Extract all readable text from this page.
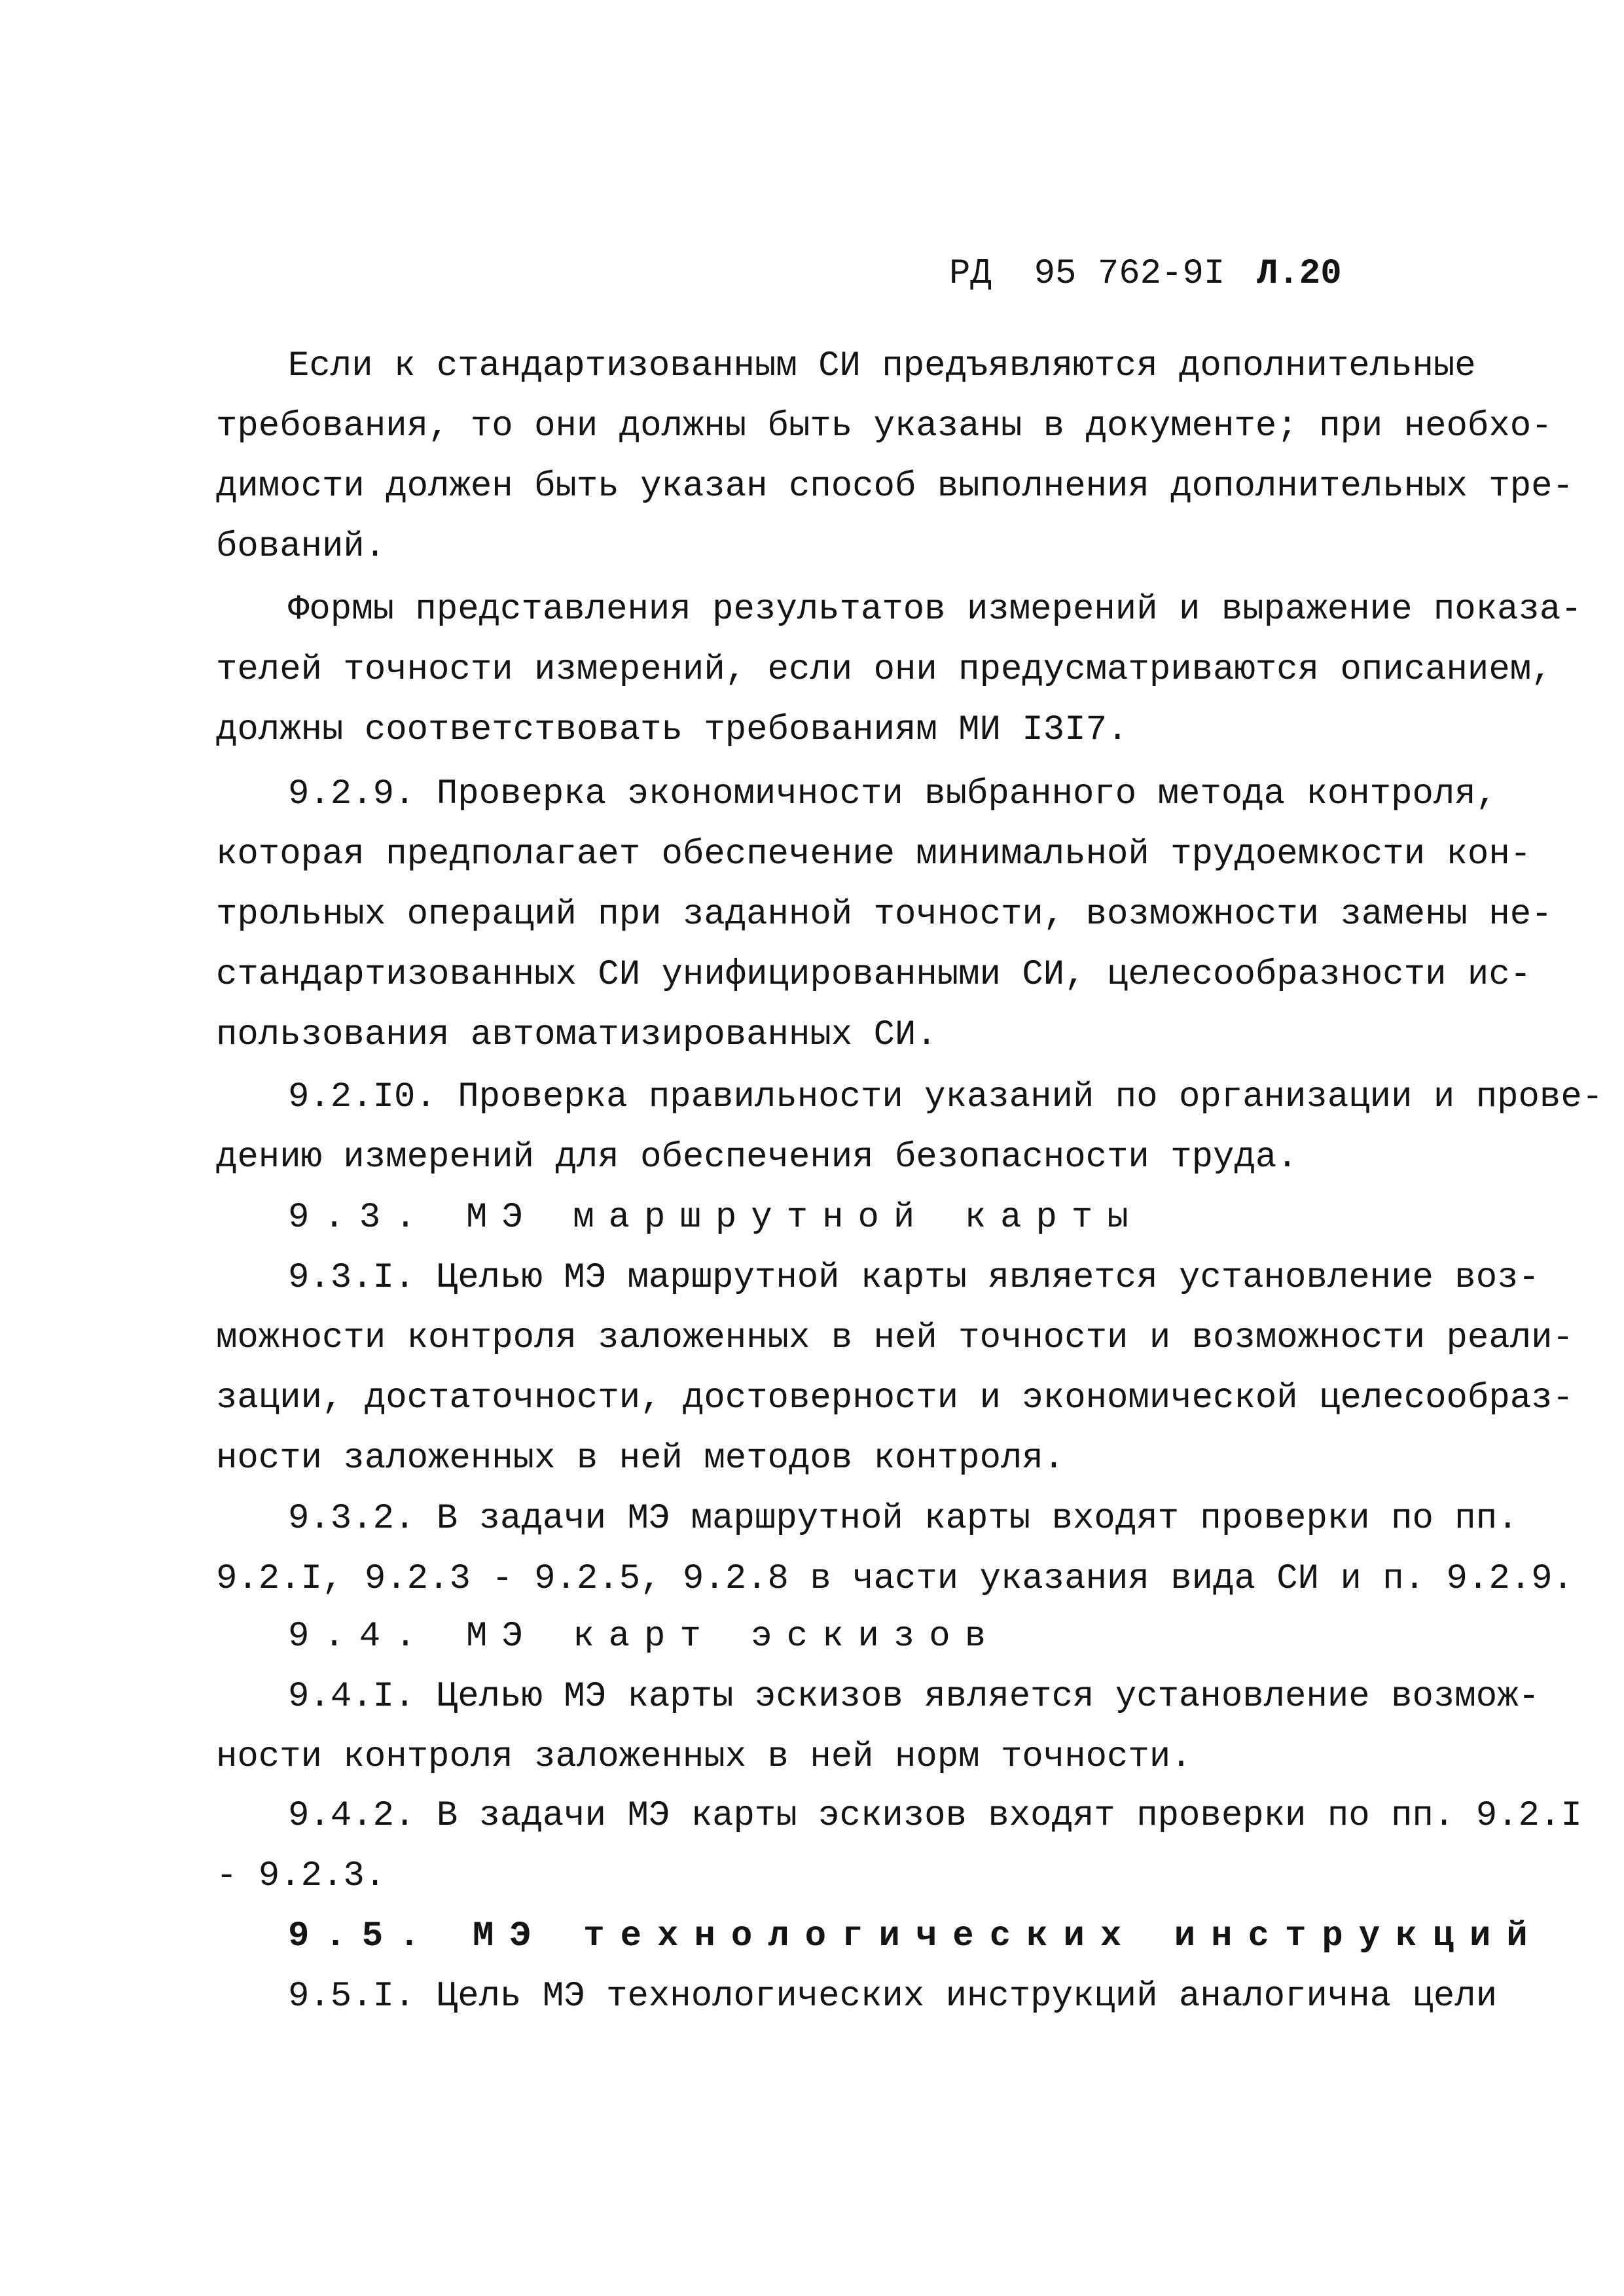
РД  95 762-9I

Л.20

Если к стандартизованным СИ предъявляются дополнительные
требования, то они должны быть указаны в документе; при необхо-
димости должен быть указан способ выполнения дополнительных тре-
бований.
Формы представления результатов измерений и выражение показа-
телей точности измерений, если они предусматриваются описанием,
должны соответствовать требованиям МИ I3I7.
9.2.9. Проверка экономичности выбранного метода контроля,
которая предполагает обеспечение минимальной трудоемкости кон-
трольных операций при заданной точности, возможности замены не-
стандартизованных СИ унифицированными СИ, целесообразности ис-
пользования автоматизированных СИ.
9.2.I0. Проверка правильности указаний по организации и прове-
дению измерений для обеспечения безопасности труда.
9.3. МЭ маршрутной карты
9.3.I. Целью МЭ маршрутной карты является установление воз-
можности контроля заложенных в ней точности и возможности реали-
зации, достаточности, достоверности и экономической целесообраз-
ности заложенных в ней методов контроля.
9.3.2. В задачи МЭ маршрутной карты входят проверки по пп.
9.2.I, 9.2.3 - 9.2.5, 9.2.8 в части указания вида СИ и п. 9.2.9.
9.4. МЭ карт эскизов
9.4.I. Целью МЭ карты эскизов является установление возмож-
ности контроля заложенных в ней норм точности.
9.4.2. В задачи МЭ карты эскизов входят проверки по пп. 9.2.I
- 9.2.3.
9.5. МЭ технологических инструкций
9.5.I. Цель МЭ технологических инструкций аналогична цели
